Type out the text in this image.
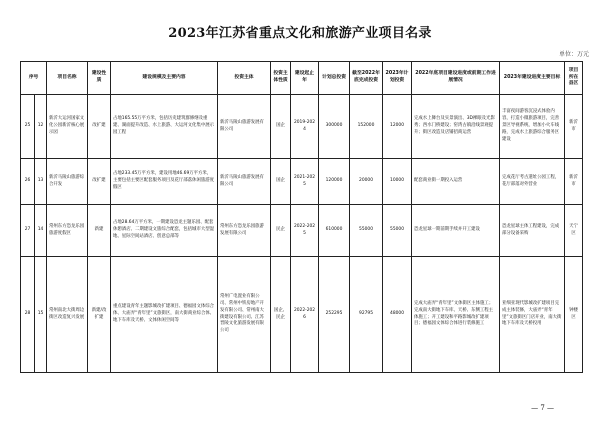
2023年江苏省重点文化和旅游产业项目名录
单位：万元
序号		项目名称	建设性质	建设规模及主要内容	投资主体	投资主体性质	建设起止年	计划总投资	截至2022年底完成投资	2023年计划投资	2022年底项目建设进度或前期工作进展情况	2023年建设进度主要目标	项目所在县区
25	12	新沂大运河国家文化公园新沂核心展示园	改扩建	占地165.55万平方米，包括历史建筑群修缮及重建、湖面提升改造、水上旅游、大运河文化集中展示园工程	新沂马陵山旅游发展有限公司	国企	2019-2024	300000	152000	12000	完成水上舞台及实景演出、3D裸眼及光影秀；西水门桥建设；窑湾古镇沿线景观提升；街区改造及店铺招商运营	丰富夜间游客沉浸式体验内容，打造小微旅游项目，完善景区导视系统，增加小火车线路，完成水上旅游综合服务区建设	新沂市
26	13	新沂马陵山旅游综合开发	改扩建	占地233.45万平方米，建设用地46.69万平方米，主要包括主要区配套服务项目及花厅部落休闲旅游度假区	新沂马陵山旅游发展有限公司	国企	2021-2025	120000	20000	10000	配套商业街一期投入运营	完成花厅考古遗址公园工程，花厅部落对外营业	新沂市
27	14	常州东方恐龙乐园旅游度假区	新建	占地28.64万平方米，一期建设恐龙主题乐园、配套休憩酒店、二期建设文旅综合配套，包括城市大型湿地、星际空间站酒店、创意总部等	常州东方恐龙乐园旅游发展有限公司	民企	2022-2025	610000	55000	55000	恐龙星球一期前期手续并开工建设	恐龙星球主体工程建设，完成部分设备采购	天宁区
28	15	常州南北大街周边街区改造复兴发展	新建/改扩建	重点建设青年主题影城改扩建项目、德福园文体综合体、大庙弄“青年里”文旅街区，南大街商业综合体、地下车库及天桥、文体休闲空间等	常州广电置业有限公司、常州中铁房地产开发有限公司、常州南大街建设有限公司、江苏晋陵文化旅游发展有限公司	国企、民企	2022-2026	252295	92795	48000	完成大庙弄“青年里”文体街区主体施工；完成南大街地下车库、天桥、东侧工程主体施工；开工建设和平路影城改扩建项目；德福园文体综合体进行装修施工	亚细亚现代影城改扩建项目完成主体装修，大庙弄“青年里”文旅街区门店开业，南大街地下车库及天桥投用	钟楼区
— 7 —
